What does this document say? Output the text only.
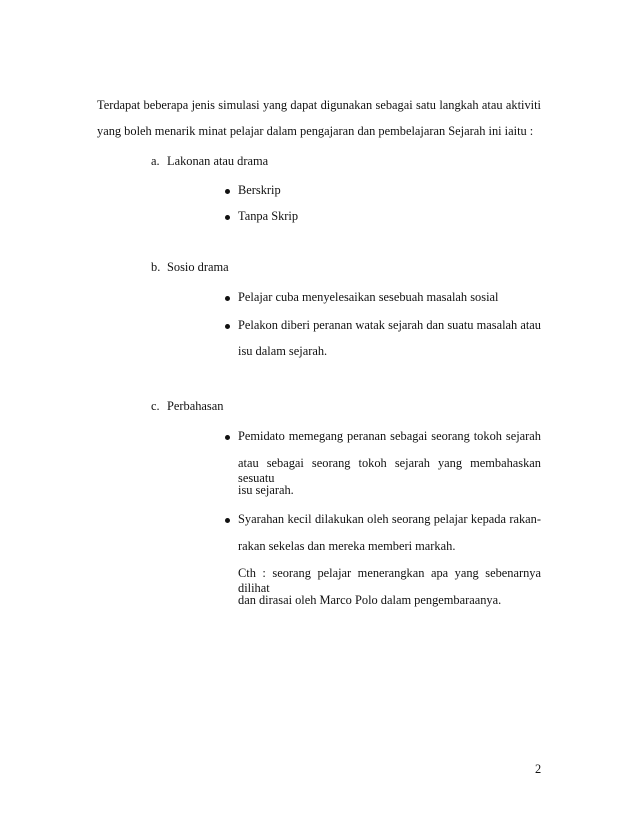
Terdapat beberapa jenis simulasi yang dapat digunakan sebagai satu langkah atau aktiviti
yang boleh menarik minat pelajar dalam pengajaran dan pembelajaran Sejarah ini iaitu :
a. Lakonan atau drama
Berskrip
Tanpa Skrip
b. Sosio drama
Pelajar cuba menyelesaikan sesebuah masalah sosial
Pelakon diberi peranan watak sejarah dan suatu masalah atau
isu dalam sejarah.
c. Perbahasan
Pemidato memegang peranan sebagai seorang tokoh sejarah
atau sebagai seorang tokoh sejarah yang membahaskan sesuatu
isu sejarah.
Syarahan kecil dilakukan oleh seorang pelajar kepada rakan-
rakan sekelas dan mereka memberi markah.
Cth : seorang pelajar menerangkan apa yang sebenarnya dilihat
dan dirasai oleh Marco Polo dalam pengembaraanya.
2
